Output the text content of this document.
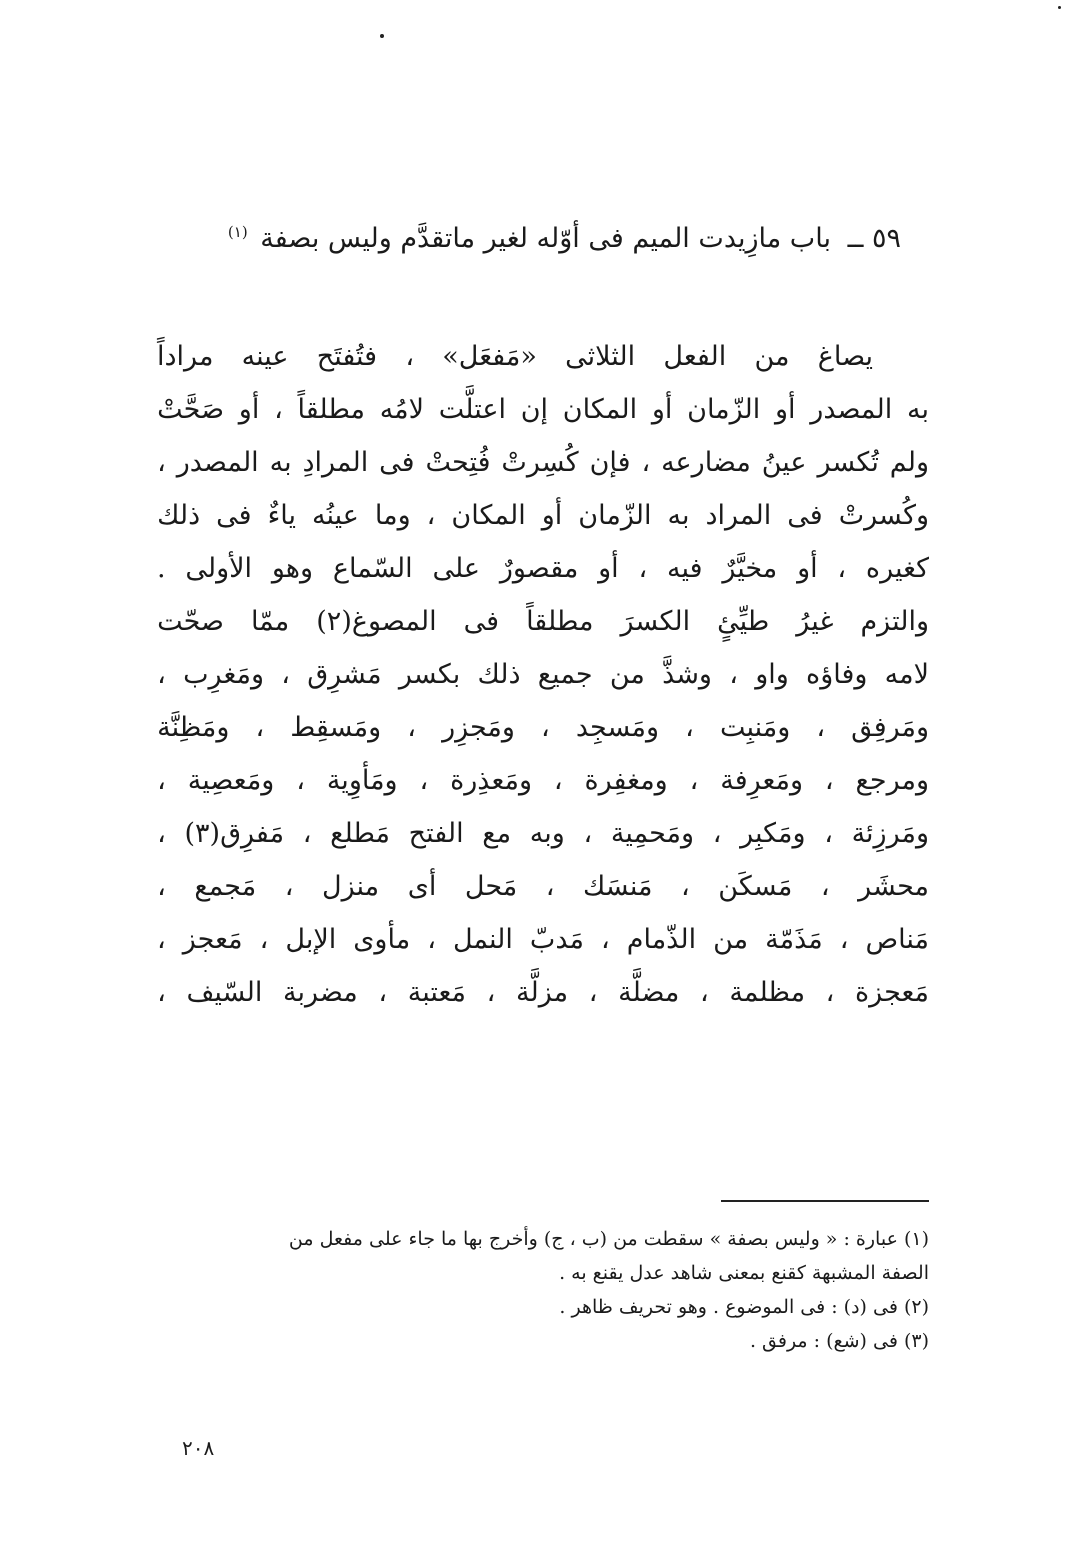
٥٩ ــ باب مازِيدت الميم فى أوّله لغير ماتقدَّم وليس بصفة $^{(١)}$
يصاغ
من
الفعل
الثلاثى
«مَفعَل»
،
فتُفتَح
عينه
مراداً
به
المصدر
أو
الزّمان
أو
المكان
إن
اعتلَّت
لامُه
مطلقاً
،
أو
صَحَّتْ
ولم
تُكسر
عينُ
مضارعه
،
فإن
كُسِرتْ
فُتِحتْ
فى
المرادِ
به
المصدر
،
وكُسرتْ
فى
المراد
به
الزّمان
أو
المكان
،
وما
عينُه
ياءٌ
فى
ذلك
كغيره
،
أو
مخيَّرٌ
فيه
،
أو
مقصورٌ
على
السّماع
وهو
الأولى
.
والتزم
غيرُ
طيِّئٍ
الكسرَ
مطلقاً
فى
المصوغ(٢)
ممّا
صحّت
لامه
وفاؤه
واو
،
وشذَّ
من
جميع
ذلك
بكسر
مَشرِق
،
ومَغرِب
،
ومَرفِق
،
ومَنبِت
،
ومَسجِد
،
ومَجزِر
،
ومَسقِط
،
ومَظِنَّة
ومرجع
،
ومَعرِفة
،
ومغفِرة
،
ومَعذِرة
،
ومَأوِية
،
ومَعصِية
،
ومَرزِئة
،
ومَكبِر
،
ومَحمِية
،
وبه
مع
الفتح
مَطلع
،
مَفرِق(٣)
،
محشَر
،
مَسكَن
،
مَنسَك
،
مَحل
أى
منزل
،
مَجمع
،
مَناص
،
مَذَمّة
من
الذّمام
،
مَدبّ
النمل
،
مأوى
الإبل
،
مَعجز
،
مَعجزة
،
مظلمة
،
مضلَّة
،
مزلَّة
،
مَعتبة
،
مضربة
السّيف
،
(١) عبارة : « وليس بصفة » سقطت من (ب ، ج) وأخرج بها ما جاء على مفعل من
الصفة المشبهة كقنع بمعنى شاهد عدل يقنع به .
(٢) فى (د) : فى الموضوع . وهو تحريف ظاهر .
(٣) فى (شع) : مرفق .
٢٠٨
